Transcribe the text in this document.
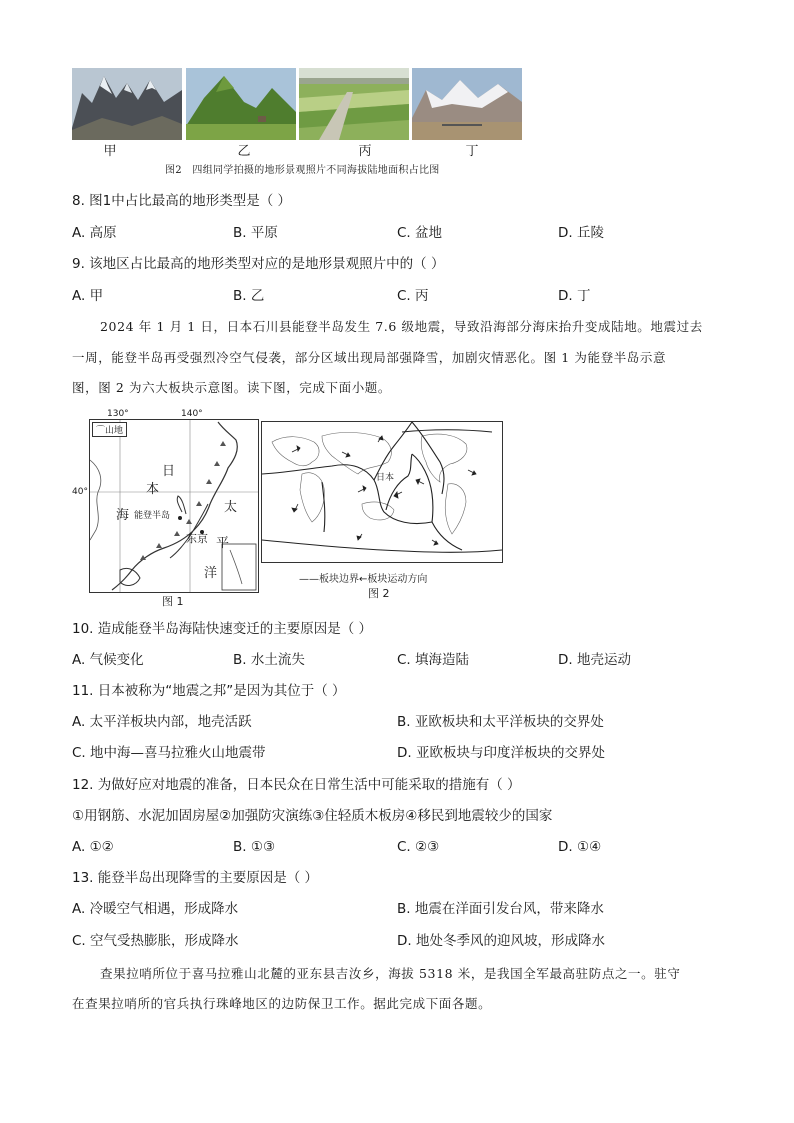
甲	乙	丙	丁
图2 四组同学拍摄的地形景观照片不同海拔陆地面积占比图
8. 图1中占比最高的地形类型是（ ）
A. 高原	B. 平原	C. 盆地	D. 丘陵
9. 该地区占比最高的地形类型对应的是地形景观照片中的（ ）
A. 甲	B. 乙	C. 丙	D. 丁
2024 年 1 月 1 日，日本石川县能登半岛发生 7.6 级地震，导致沿海部分海床抬升变成陆地。地震过去
一周，能登半岛再受强烈冷空气侵袭，部分区域出现局部强降雪，加剧灾情恶化。图 1 为能登半岛示意
图，图 2 为六大板块示意图。读下图，完成下面小题。
130°	140°
40°
⌒山地
日
本
海
太
平
洋
能登半岛
东京
图 1
日本
——板块边界←板块运动方向
图 2
10. 造成能登半岛海陆快速变迁的主要原因是（ ）
A. 气候变化	B. 水土流失	C. 填海造陆	D. 地壳运动
11. 日本被称为“地震之邦”是因为其位于（ ）
A. 太平洋板块内部，地壳活跃	B. 亚欧板块和太平洋板块的交界处
C. 地中海—喜马拉雅火山地震带	D. 亚欧板块与印度洋板块的交界处
12. 为做好应对地震的准备，日本民众在日常生活中可能采取的措施有（ ）
①用钢筋、水泥加固房屋②加强防灾演练③住轻质木板房④移民到地震较少的国家
A. ①②	B. ①③	C. ②③	D. ①④
13. 能登半岛出现降雪的主要原因是（ ）
A. 冷暖空气相遇，形成降水	B. 地震在洋面引发台风，带来降水
C. 空气受热膨胀，形成降水	D. 地处冬季风的迎风坡，形成降水
查果拉哨所位于喜马拉雅山北麓的亚东县吉汝乡，海拔 5318 米，是我国全军最高驻防点之一。驻守
在查果拉哨所的官兵执行珠峰地区的边防保卫工作。据此完成下面各题。
